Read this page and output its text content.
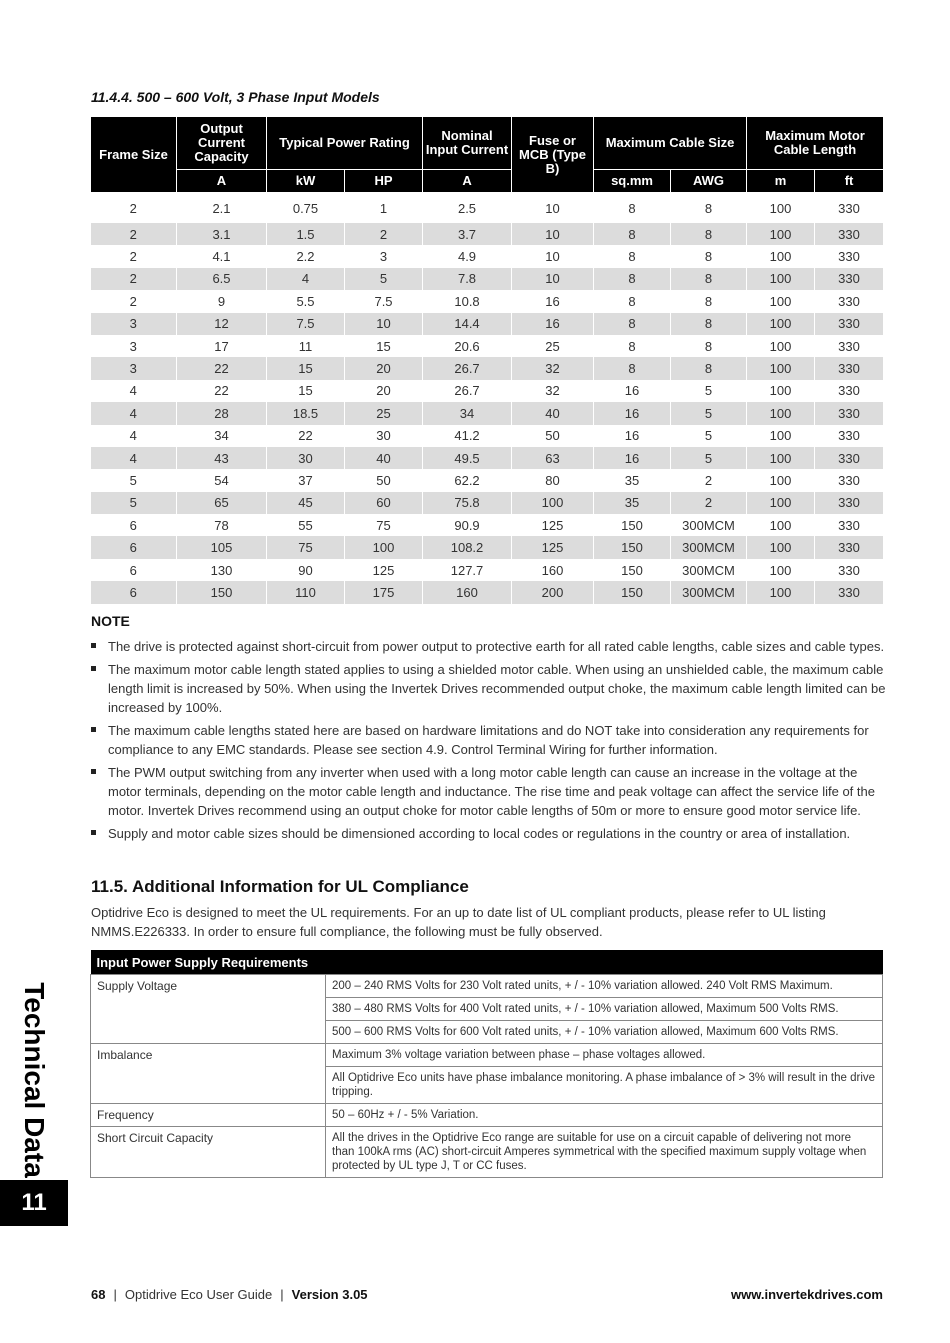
11.4.4. 500 – 600 Volt, 3 Phase Input Models
Frame Size	Output Current Capacity	Typical Power Rating		Nominal Input Current	Fuse or MCB (Type B)	Maximum Cable Size		Maximum Motor Cable Length	
	A	kW	HP	A		sq.mm	AWG	m	ft
2	2.1	0.75	1	2.5	10	8	8	100	330
2	3.1	1.5	2	3.7	10	8	8	100	330
2	4.1	2.2	3	4.9	10	8	8	100	330
2	6.5	4	5	7.8	10	8	8	100	330
2	9	5.5	7.5	10.8	16	8	8	100	330
3	12	7.5	10	14.4	16	8	8	100	330
3	17	11	15	20.6	25	8	8	100	330
3	22	15	20	26.7	32	8	8	100	330
4	22	15	20	26.7	32	16	5	100	330
4	28	18.5	25	34	40	16	5	100	330
4	34	22	30	41.2	50	16	5	100	330
4	43	30	40	49.5	63	16	5	100	330
5	54	37	50	62.2	80	35	2	100	330
5	65	45	60	75.8	100	35	2	100	330
6	78	55	75	90.9	125	150	300MCM	100	330
6	105	75	100	108.2	125	150	300MCM	100	330
6	130	90	125	127.7	160	150	300MCM	100	330
6	150	110	175	160	200	150	300MCM	100	330
NOTE
The drive is protected against short-circuit from power output to protective earth for all rated cable lengths, cable sizes and cable types.
The maximum motor cable length stated applies to using a shielded motor cable. When using an unshielded cable, the maximum cable length limit is increased by 50%. When using the Invertek Drives recommended output choke, the maximum cable length limited can be increased by 100%.
The maximum cable lengths stated here are based on hardware limitations and do NOT take into consideration any requirements for compliance to any EMC standards. Please see section 4.9. Control Terminal Wiring for further information.
The PWM output switching from any inverter when used with a long motor cable length can cause an increase in the voltage at the motor terminals, depending on the motor cable length and inductance. The rise time and peak voltage can affect the service life of the motor. Invertek Drives recommend using an output choke for motor cable lengths of 50m or more to ensure good motor service life.
Supply and motor cable sizes should be dimensioned according to local codes or regulations in the country or area of installation.
11.5. Additional Information for UL Compliance
Optidrive Eco is designed to meet the UL requirements. For an up to date list of UL compliant products, please refer to UL listing NMMS.E226333. In order to ensure full compliance, the following must be fully observed.
Input Power Supply Requirements	
Supply Voltage	200 – 240 RMS Volts for 230 Volt rated units, + / - 10% variation allowed. 240 Volt RMS Maximum.
	380 – 480 RMS Volts for 400 Volt rated units, + / - 10% variation allowed, Maximum 500 Volts RMS.
	500 – 600 RMS Volts for 600 Volt rated units, + / - 10% variation allowed, Maximum 600 Volts RMS.
Imbalance	Maximum 3% voltage variation between phase – phase voltages allowed.
	All Optidrive Eco units have phase imbalance monitoring. A phase imbalance of > 3% will result in the drive tripping.
Frequency	50 – 60Hz + / - 5% Variation.
Short Circuit Capacity	All the drives in the Optidrive Eco range are suitable for use on a circuit capable of delivering not more than 100kA rms (AC) short-circuit Amperes symmetrical with the specified maximum supply voltage when protected by UL type J, T or CC fuses.
Technical Data
11
68 | Optidrive Eco User Guide | Version 3.05	www.invertekdrives.com
